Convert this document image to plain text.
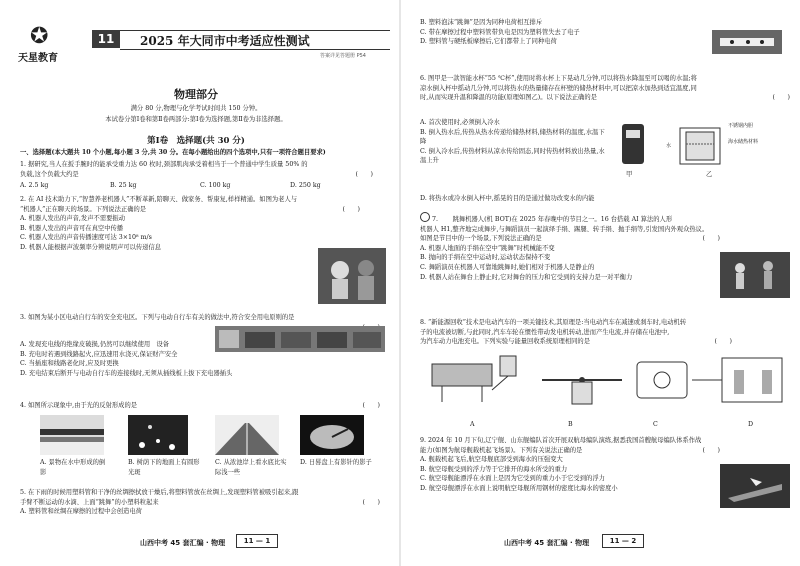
✪
天星教育
11	2025 年大同市中考适应性测试
答案详见答题册 P54
物理部分
满分 80 分,物理与化学考试时间共 150 分钟。
本试卷分第Ⅰ卷和第Ⅱ卷两部分:第Ⅰ卷为选择题,第Ⅱ卷为非选择题。
第Ⅰ卷　选择题(共 30 分)
一、选择题(本大题共 10 个小题,每小题 3 分,共 30 分。在每小题给出的四个选项中,只有一项符合题目要求)
1. 据研究,当人在扳手腕时的能承受重力达 60 枚时,颈部肌肉承受着相当于一个普通中学生质量 50% 的
负载,这个负载大约是	(　　)
A. 2.5 kg	B. 25 kg	C. 100 kg	D. 250 kg
2. 在 AI 技术助力下,“智慧养老机器人”不断革新,陪聊天、做家务、帮康复,样样精通。如图为老人与
“机器人”正在聊天的场景。下列说法正确的是	(　　)
A. 机器人发出的声音,发声不需要振动
B. 机器人发出的声音可在真空中传播
C. 机器人发出的声音传播速度可达 3×10⁸ m/s
D. 机器人能根据声波频率分辨说明声可以传递信息
3. 如图为某小区电动自行车的安全充电区。下列与电动自行车有关的做法中,符合安全用电原则的是
A. 发现充电线的绝缘皮破损,仍然可以继续使用　设备
B. 充电时若遇到线路起火,应迅速用水浇灭,保证财产安全
C. 当插座和线路老化时,应及时更换
D. 充电结束后断开与电动自行车的连接线时,无须从插线板上拔下充电器插头
4. 如图所示现象中,由于光的反射形成的是	(　　)
A. 景物在水中形成的倒影
B. 树荫下的地面上有圆形光斑
C. 从浓池岸上看水底比实际浅一些
D. 日晷盘上有影针的影子
5. 在下雨的时候用塑料管和干净的丝绸擦拭放干燥后,将塑料管放在丝绸上,发现塑料管被吸引起来,跟
手臂不断运动的水滴、上面“跳舞”的小塑料粒起来	(　　)
A. 塑料管和丝绸在摩擦的过程中会创造电荷
山西中考 45 套汇编 · 物理	11 — 1
B. 塑料泡沫“跳舞”是因为同种电荷相互排斥
C. 带在摩擦过程中塑料管带负电是因为塑料管失去了电子
D. 塑料管与硬纸板摩擦后,它们都带上了同种电荷
6. 图甲是一款智能水杯“55 ℃杯”,使用时将水杯上下晃动几分钟,可以将热水降温至可以喝的水温;将
凉水倒入杯中摇动几分钟,可以将热水的热量储存在杯壁的储热材料中,可以把凉水加热到适宜温度,同
时,从而实现升温和降温的功能(原理如图乙)。以下说法正确的是	(　　)
A. 首次使用时,必须倒入冷水
B. 倒入热水后,传热从热水传递给储热材料,储热材料的温度,水温下降
C. 倒入冷水后,传热材料从凉水传给固态,同时传热材料放出热量,水温上升
D. 将热水或冷水倒入杯中,摇晃的目的是通过做功改变水的内能
甲
不锈钢内胆
海水储热材料
水
乙
7. 　　跳舞机器人(机 BOT)在 2025 年春晚中的节目之一。16 台搭载 AI 算法的人形
机器人 H1,整齐地完成舞步,与舞蹈演员一起演绎手绢、踢腿、转手绢、抛手绢等,引发国内外观众热议。
如图是节目中的一个场景,下列说法正确的是	(　　)
A. 机器人地面的手绢在空中“跳舞”时机械能不变
B. 抛向的手绢在空中运动时,运动状态保持不变
C. 舞蹈演员在机器人可靠地跳舞时,她们相对于机器人是静止的
D. 机器人站在舞台上静止时,它对舞台的压力和它受到的支持力是一对平衡力
8. “新能源回收”技术是电动汽车的一项关键技术,其原理是:当电动汽车在减速或刹车时,电动机转
子的电流被切断,与此同时,汽车车轮在惯性带动发电机转动,进而产生电流,并存储在电池中,
为汽车动力电池充电。下列实验与能量回收系统原理相同的是	(　　)
A	B	C	D
9. 2024 年 10 月下旬,辽宁舰、山东舰编队首次开展双航母编队演练,据悉我国首艘航母编队体系作战
能力(如图为航母舰载机起飞场景)。下列有关说法正确的是	(　　)
A. 舰载机起飞后,航空母舰底部受到海水的压强变大
B. 航空母舰受到的浮力等于它排开的海水所受的重力
C. 航空母舰能漂浮在水面上是因为它受到的重力小于它受到的浮力
D. 航空母舰漂浮在水面上说明航空母舰所用钢材的密度比海水的密度小
山西中考 45 套汇编 · 物理	11 — 2
